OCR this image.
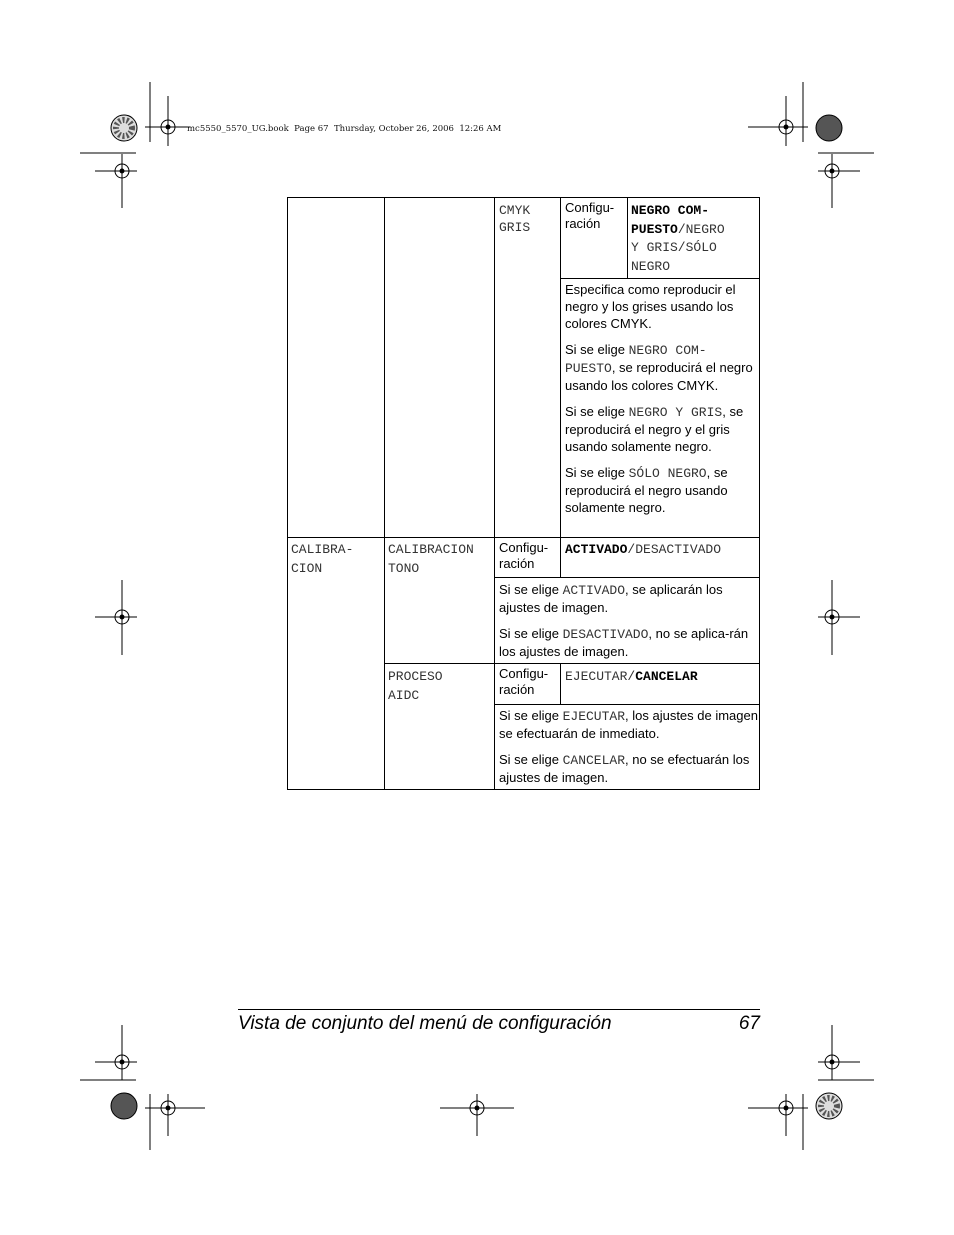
mc5550_5570_UG.book  Page 67  Thursday, October 26, 2006  12:26 AM
CMYK
GRIS
Configu-
ración
NEGRO COM-
PUESTO/NEGRO
Y GRIS/SÓLO
NEGRO

Especifica como reproducir el negro y los grises usando los colores CMYK.

Si se elige NEGRO COM-
PUESTO, se reproducirá el negro usando los colores CMYK.

Si se elige NEGRO Y GRIS, se reproducirá el negro y el gris usando solamente negro.

Si se elige SÓLO NEGRO, se reproducirá el negro usando solamente negro.

CALIBRA-
CION
CALIBRACION
TONO
Configu-
ración
ACTIVADO/DESACTIVADO

Si se elige ACTIVADO, se aplicarán los ajustes de imagen.

Si se elige DESACTIVADO, no se aplica-rán los ajustes de imagen.

PROCESO
AIDC
Configu-
ración
EJECUTAR/CANCELAR

Si se elige EJECUTAR, los ajustes de imagen se efectuarán de inmediato.

Si se elige CANCELAR, no se efectuarán los ajustes de imagen.

Vista de conjunto del menú de configuración	67
